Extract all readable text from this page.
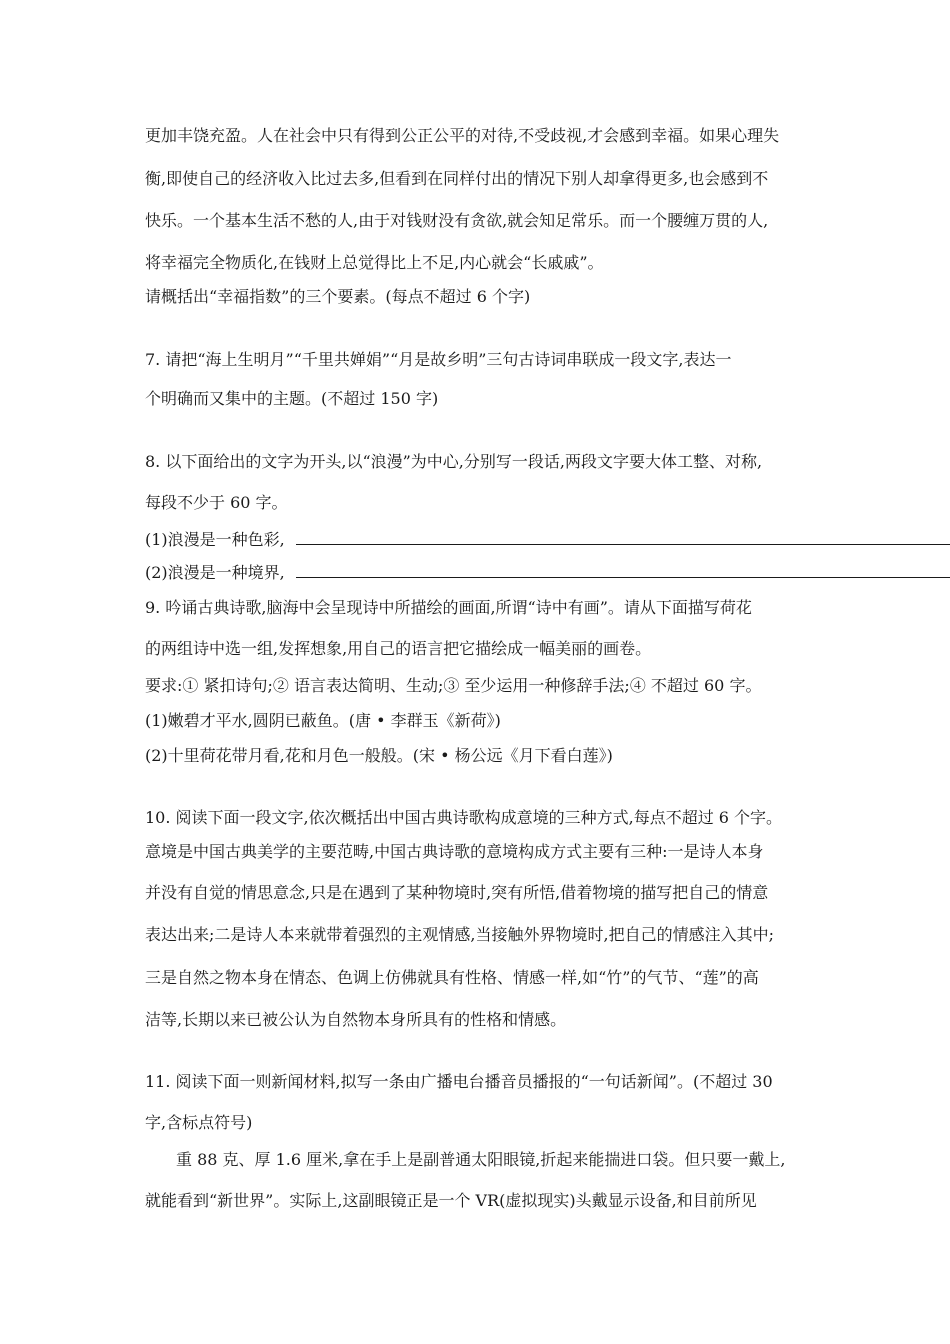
更加丰饶充盈。人在社会中只有得到公正公平的对待,不受歧视,才会感到幸福。如果心理失
衡,即使自己的经济收入比过去多,但看到在同样付出的情况下别人却拿得更多,也会感到不
快乐。一个基本生活不愁的人,由于对钱财没有贪欲,就会知足常乐。而一个腰缠万贯的人,
将幸福完全物质化,在钱财上总觉得比上不足,内心就会“长戚戚”。
请概括出“幸福指数”的三个要素。(每点不超过 6 个字)
7. 请把“海上生明月”“千里共婵娟”“月是故乡明”三句古诗词串联成一段文字,表达一
个明确而又集中的主题。(不超过 150 字)
8. 以下面给出的文字为开头,以“浪漫”为中心,分别写一段话,两段文字要大体工整、对称,
每段不少于 60 字。
(1)浪漫是一种色彩,
(2)浪漫是一种境界,
9. 吟诵古典诗歌,脑海中会呈现诗中所描绘的画面,所谓“诗中有画”。请从下面描写荷花
的两组诗中选一组,发挥想象,用自己的语言把它描绘成一幅美丽的画卷。
要求:① 紧扣诗句;② 语言表达简明、生动;③ 至少运用一种修辞手法;④ 不超过 60 字。
(1)嫩碧才平水,圆阴已蔽鱼。(唐 • 李群玉《新荷》)
(2)十里荷花带月看,花和月色一般般。(宋 • 杨公远《月下看白莲》)
10. 阅读下面一段文字,依次概括出中国古典诗歌构成意境的三种方式,每点不超过 6 个字。
意境是中国古典美学的主要范畴,中国古典诗歌的意境构成方式主要有三种:一是诗人本身
并没有自觉的情思意念,只是在遇到了某种物境时,突有所悟,借着物境的描写把自己的情意
表达出来;二是诗人本来就带着强烈的主观情感,当接触外界物境时,把自己的情感注入其中;
三是自然之物本身在情态、色调上仿佛就具有性格、情感一样,如“竹”的气节、“莲”的高
洁等,长期以来已被公认为自然物本身所具有的性格和情感。
11. 阅读下面一则新闻材料,拟写一条由广播电台播音员播报的“一句话新闻”。(不超过 30
字,含标点符号)
重 88 克、厚 1.6 厘米,拿在手上是副普通太阳眼镜,折起来能揣进口袋。但只要一戴上,
就能看到“新世界”。实际上,这副眼镜正是一个 VR(虚拟现实)头戴显示设备,和目前所见
